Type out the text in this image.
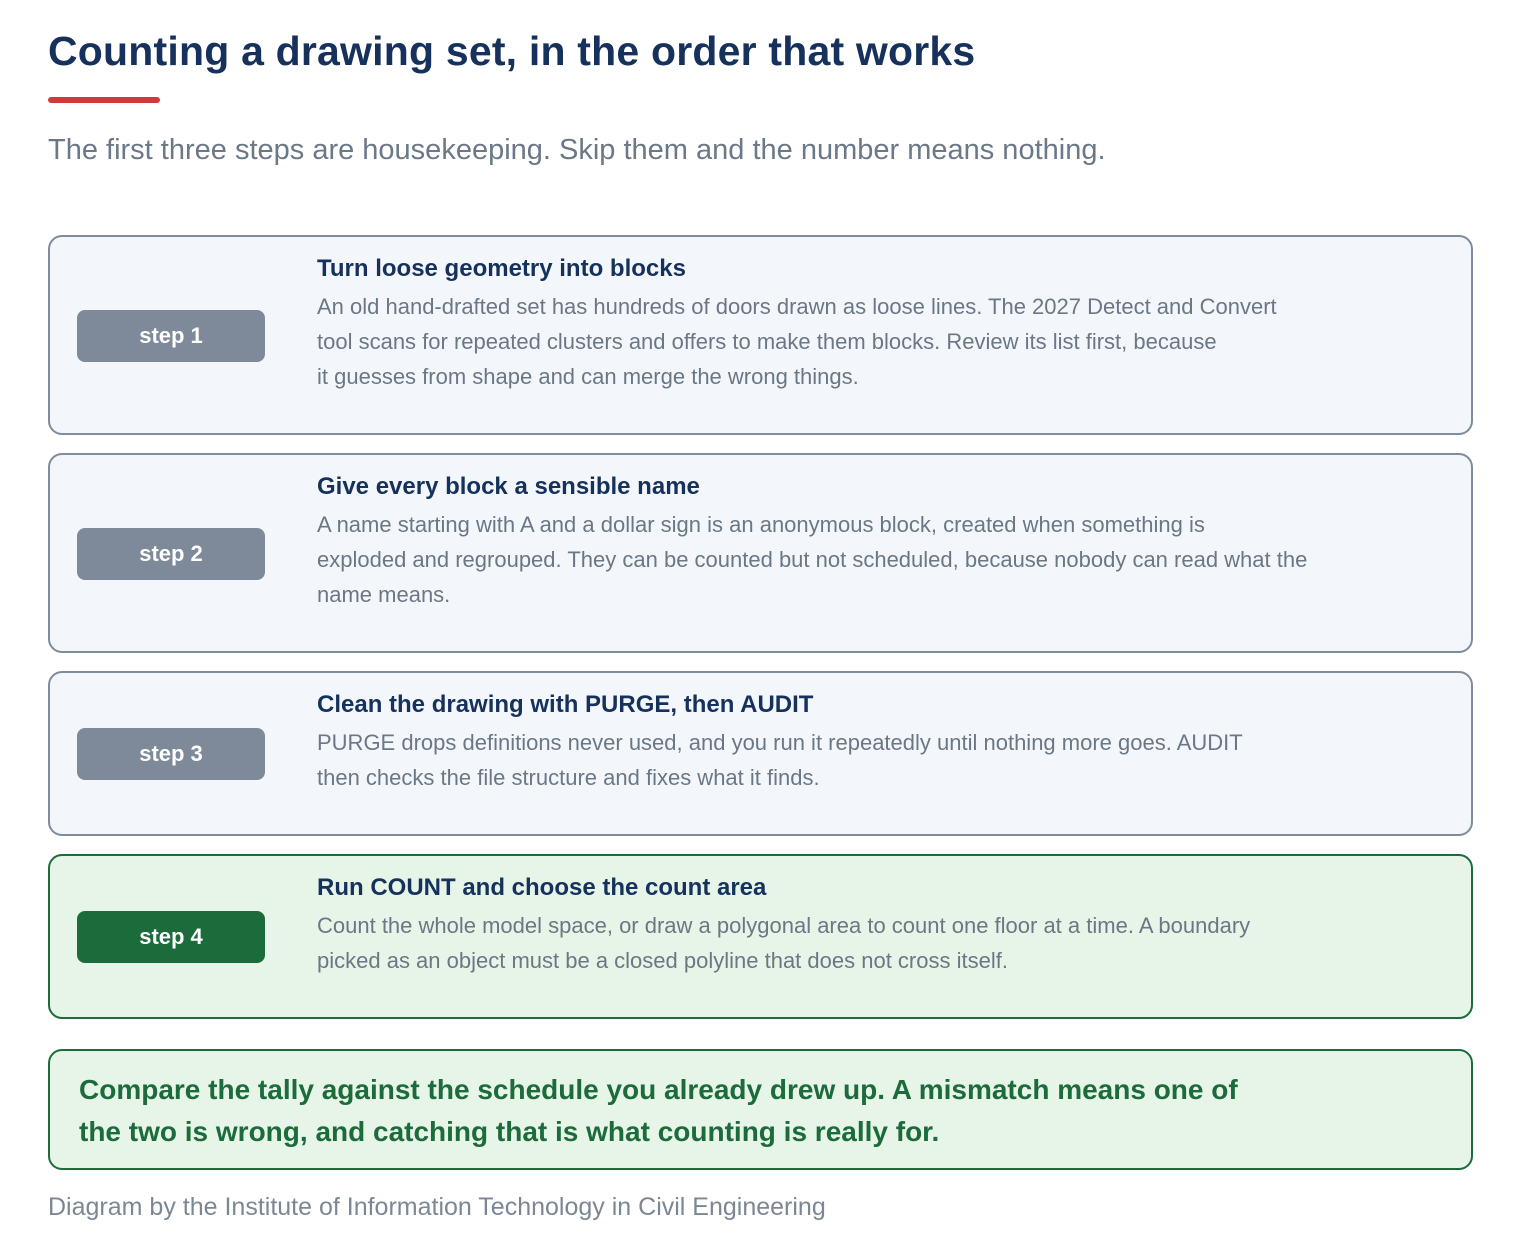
Counting a drawing set, in the order that works

The first three steps are housekeeping. Skip them and the number means nothing.

step 1
Turn loose geometry into blocks

An old hand-drafted set has hundreds of doors drawn as loose lines. The 2027 Detect and Convert
tool scans for repeated clusters and offers to make them blocks. Review its list first, because
it guesses from shape and can merge the wrong things.

step 2
Give every block a sensible name

A name starting with A and a dollar sign is an anonymous block, created when something is
exploded and regrouped. They can be counted but not scheduled, because nobody can read what the
name means.

step 3
Clean the drawing with PURGE, then AUDIT

PURGE drops definitions never used, and you run it repeatedly until nothing more goes. AUDIT
then checks the file structure and fixes what it finds.

step 4
Run COUNT and choose the count area

Count the whole model space, or draw a polygonal area to count one floor at a time. A boundary
picked as an object must be a closed polyline that does not cross itself.

Compare the tally against the schedule you already drew up. A mismatch means one of
the two is wrong, and catching that is what counting is really for.

Diagram by the Institute of Information Technology in Civil Engineering
